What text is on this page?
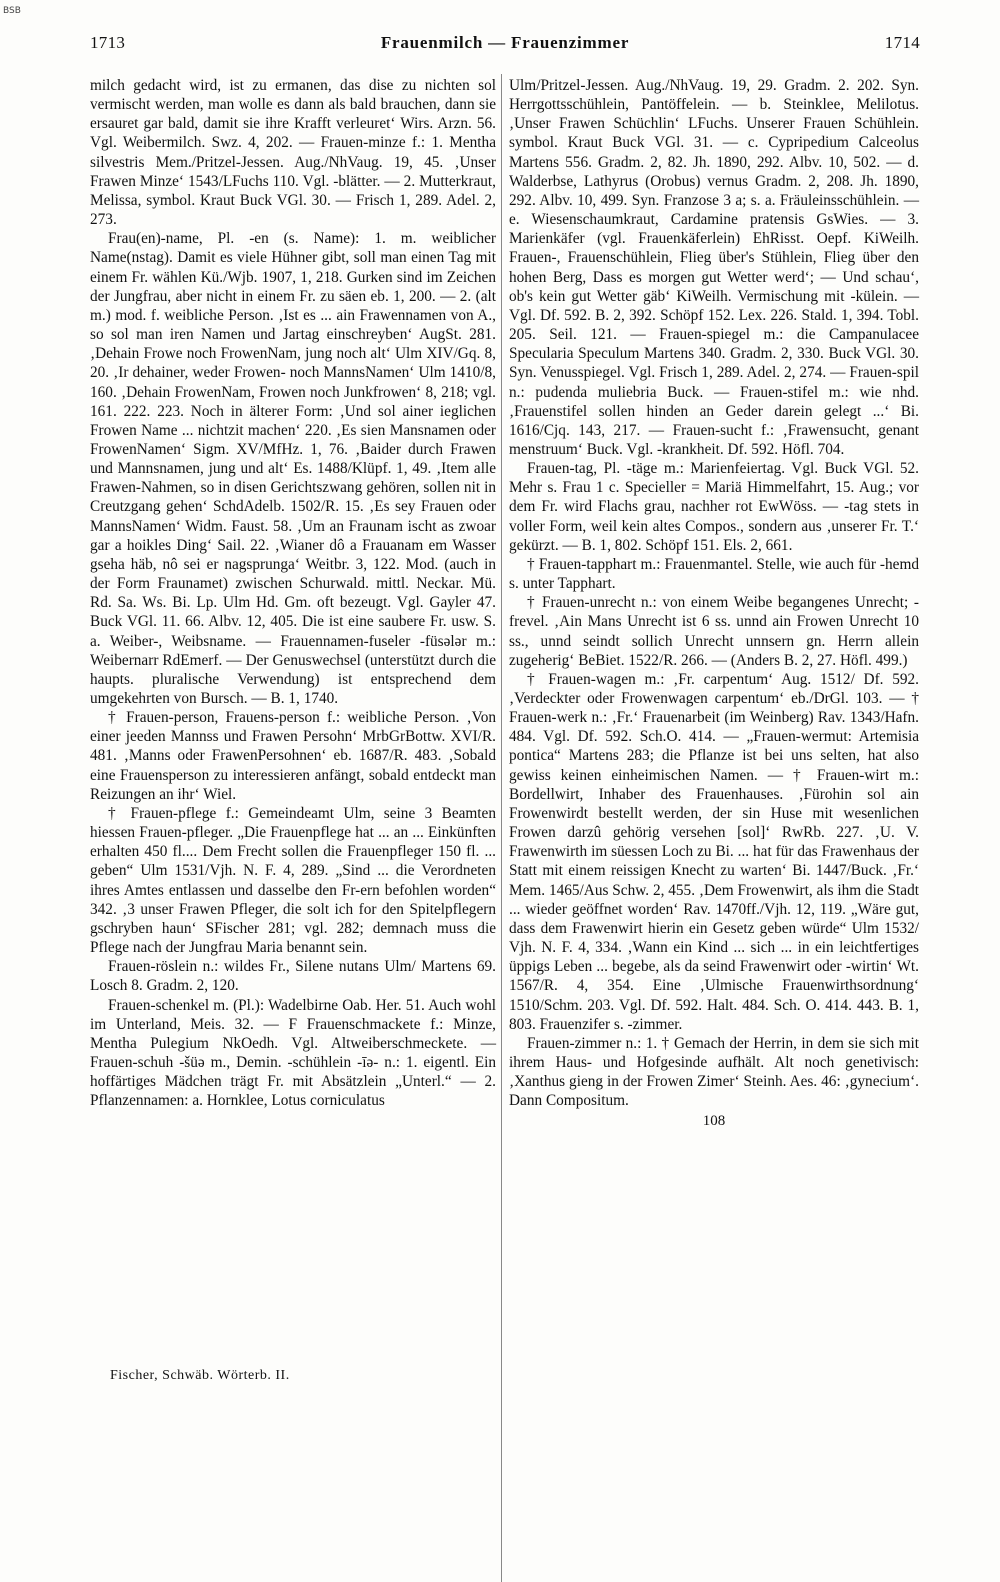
BSB
1713	Frauenmilch — Frauenzimmer	1714

milch gedacht wird, ist zu ermanen, das dise zu nichten sol vermischt werden, man wolle es dann als bald brauchen, dann sie ersauret gar bald, damit sie ihre Krafft verleuret‘ Wirs. Arzn. 56. Vgl. Weibermilch. Swz. 4, 202. — Frauen-minze f.: 1. Mentha silvestris Mem./Pritzel-Jessen. Aug./NhVaug. 19, 45. ‚Unser Frawen Minze‘ 1543/LFuchs 110. Vgl. -blätter. — 2. Mutterkraut, Melissa, symbol. Kraut Buck VGl. 30. — Frisch 1, 289. Adel. 2, 273.

Frau(en)-name, Pl. -en (s. Name): 1. m. weiblicher Name(nstag). Damit es viele Hühner gibt, soll man einen Tag mit einem Fr. wählen Kü./Wjb. 1907, 1, 218. Gurken sind im Zeichen der Jungfrau, aber nicht in einem Fr. zu säen eb. 1, 200. — 2. (alt m.) mod. f. weibliche Person. ‚Ist es ... ain Frawennamen von A., so sol man iren Namen und Jartag einschreyben‘ AugSt. 281. ‚Dehain Frowe noch FrowenNam, jung noch alt‘ Ulm XIV/Gq. 8, 20. ‚Ir dehainer, weder Frowen- noch MannsNamen‘ Ulm 1410/8, 160. ‚Dehain FrowenNam, Frowen noch Junkfrowen‘ 8, 218; vgl. 161. 222. 223. Noch in älterer Form: ‚Und sol ainer ieglichen Frowen Name ... nichtzit machen‘ 220. ‚Es sien Mansnamen oder FrowenNamen‘ Sigm. XV/MfHz. 1, 76. ‚Baider durch Frawen und Mannsnamen, jung und alt‘ Es. 1488/Klüpf. 1, 49. ‚Item alle Frawen-Nahmen, so in disen Gerichtszwang gehören, sollen nit in Creutzgang gehen‘ SchdAdelb. 1502/R. 15. ‚Es sey Frauen oder MannsNamen‘ Widm. Faust. 58. ‚Um an Fraunam ischt as zwoar gar a hoikles Ding‘ Sail. 22. ‚Wianer dô a Frauanam em Wasser gseha häb, nô sei er nagsprunga‘ Weitbr. 3, 122. Mod. (auch in der Form Fraunamet) zwischen Schurwald. mittl. Neckar. Mü. Rd. Sa. Ws. Bi. Lp. Ulm Hd. Gm. oft bezeugt. Vgl. Gayler 47. Buck VGl. 11. 66. Albv. 12, 405. Die ist eine saubere Fr. usw. S. a. Weiber-, Weibsname. — Frauennamen-fuseler -füsələr m.: Weibernarr RdEmerf. — Der Genuswechsel (unterstützt durch die haupts. pluralische Verwendung) ist entsprechend dem umgekehrten von Bursch. — B. 1, 1740.

† Frauen-person, Frauens-person f.: weibliche Person. ‚Von einer jeeden Mannss und Frawen Persohn‘ MrbGrBottw. XVI/R. 481. ‚Manns oder FrawenPersohnen‘ eb. 1687/R. 483. ‚Sobald eine Frauensperson zu interessieren anfängt, sobald entdeckt man Reizungen an ihr‘ Wiel.

† Frauen-pflege f.: Gemeindeamt Ulm, seine 3 Beamten hiessen Frauen-pfleger. „Die Frauenpflege hat ... an ... Einkünften erhalten 450 fl.... Dem Frecht sollen die Frauenpfleger 150 fl. ... geben“ Ulm 1531/Vjh. N. F. 4, 289. „Sind ... die Verordneten ihres Amtes entlassen und dasselbe den Fr-ern befohlen worden“ 342. ‚3 unser Frawen Pfleger, die solt ich for den Spitelpflegern gschryben haun‘ SFischer 281; vgl. 282; demnach muss die Pflege nach der Jungfrau Maria benannt sein.

Frauen-röslein n.: wildes Fr., Silene nutans Ulm/ Martens 69. Losch 8. Gradm. 2, 120.

Frauen-schenkel m. (Pl.): Wadelbirne Oab. Her. 51. Auch wohl im Unterland, Meis. 32. — F Frauenschmackete f.: Minze, Mentha Pulegium NkOedh. Vgl. Altweiberschmeckete. — Frauen-schuh -šüə m., Demin. -schühlein -īə- n.: 1. eigentl. Ein hoffärtiges Mädchen trägt Fr. mit Absätzlein „Unterl.“ — 2. Pflanzennamen: a. Hornklee, Lotus corniculatus

Ulm/Pritzel-Jessen. Aug./NhVaug. 19, 29. Gradm. 2. 202. Syn. Herrgottsschühlein, Pantöffelein. — b. Steinklee, Melilotus. ‚Unser Frawen Schüchlin‘ LFuchs. Unserer Frauen Schühlein. symbol. Kraut Buck VGl. 31. — c. Cypripedium Calceolus Martens 556. Gradm. 2, 82. Jh. 1890, 292. Albv. 10, 502. — d. Walderbse, Lathyrus (Orobus) vernus Gradm. 2, 208. Jh. 1890, 292. Albv. 10, 499. Syn. Franzose 3 a; s. a. Fräuleinsschühlein. — e. Wiesenschaumkraut, Cardamine pratensis GsWies. — 3. Marienkäfer (vgl. Frauenkäferlein) EhRisst. Oepf. KiWeilh. Frauen-, Frauenschühlein, Flieg über's Stühlein, Flieg über den hohen Berg, Dass es morgen gut Wetter werd‘; — Und schau‘, ob's kein gut Wetter gäb‘ KiWeilh. Vermischung mit -külein. — Vgl. Df. 592. B. 2, 392. Schöpf 152. Lex. 226. Stald. 1, 394. Tobl. 205. Seil. 121. — Frauen-spiegel m.: die Campanulacee Specularia Speculum Martens 340. Gradm. 2, 330. Buck VGl. 30. Syn. Venusspiegel. Vgl. Frisch 1, 289. Adel. 2, 274. — Frauen-spil n.: pudenda muliebria Buck. — Frauen-stifel m.: wie nhd. ‚Frauenstifel sollen hinden an Geder darein gelegt ...‘ Bi. 1616/Cjq. 143, 217. — Frauen-sucht f.: ‚Frawensucht, genant menstruum‘ Buck. Vgl. -krankheit. Df. 592. Höfl. 704.

Frauen-tag, Pl. -täge m.: Marienfeiertag. Vgl. Buck VGl. 52. Mehr s. Frau 1 c. Specieller = Mariä Himmelfahrt, 15. Aug.; vor dem Fr. wird Flachs grau, nachher rot EwWöss. — -tag stets in voller Form, weil kein altes Compos., sondern aus ‚unserer Fr. T.‘ gekürzt. — B. 1, 802. Schöpf 151. Els. 2, 661.

† Frauen-tapphart m.: Frauenmantel. Stelle, wie auch für -hemd s. unter Tapphart.

† Frauen-unrecht n.: von einem Weibe begangenes Unrecht; -frevel. ‚Ain Mans Unrecht ist 6 ss. unnd ain Frowen Unrecht 10 ss., unnd seindt sollich Unrecht unnsern gn. Herrn allein zugeherig‘ BeBiet. 1522/R. 266. — (Anders B. 2, 27. Höfl. 499.)

† Frauen-wagen m.: ‚Fr. carpentum‘ Aug. 1512/ Df. 592. ‚Verdeckter oder Frowenwagen carpentum‘ eb./DrGl. 103. — † Frauen-werk n.: ‚Fr.‘ Frauenarbeit (im Weinberg) Rav. 1343/Hafn. 484. Vgl. Df. 592. Sch.O. 414. — „Frauen-wermut: Artemisia pontica“ Martens 283; die Pflanze ist bei uns selten, hat also gewiss keinen einheimischen Namen. — † Frauen-wirt m.: Bordellwirt, Inhaber des Frauenhauses. ‚Fürohin sol ain Frowenwirdt bestellt werden, der sin Huse mit wesenlichen Frowen darzû gehörig versehen [sol]‘ RwRb. 227. ‚U. V. Frawenwirth im süessen Loch zu Bi. ... hat für das Frawenhaus der Statt mit einem reissigen Knecht zu warten‘ Bi. 1447/Buck. ‚Fr.‘ Mem. 1465/Aus Schw. 2, 455. ‚Dem Frowenwirt, als ihm die Stadt ... wieder geöffnet worden‘ Rav. 1470ff./Vjh. 12, 119. „Wäre gut, dass dem Frawenwirt hierin ein Gesetz geben würde“ Ulm 1532/ Vjh. N. F. 4, 334. ‚Wann ein Kind ... sich ... in ein leichtfertiges üppigs Leben ... begebe, als da seind Frawenwirt oder -wirtin‘ Wt. 1567/R. 4, 354. Eine ‚Ulmische Frauenwirthsordnung‘ 1510/Schm. 203. Vgl. Df. 592. Halt. 484. Sch. O. 414. 443. B. 1, 803. Frauenzifer s. -zimmer.

Frauen-zimmer n.: 1. † Gemach der Herrin, in dem sie sich mit ihrem Haus- und Hofgesinde aufhält. Alt noch genetivisch: ‚Xanthus gieng in der Frowen Zimer‘ Steinh. Aes. 46: ‚gynecium‘. Dann Compositum.

108

Fischer, Schwäb. Wörterb. II.
